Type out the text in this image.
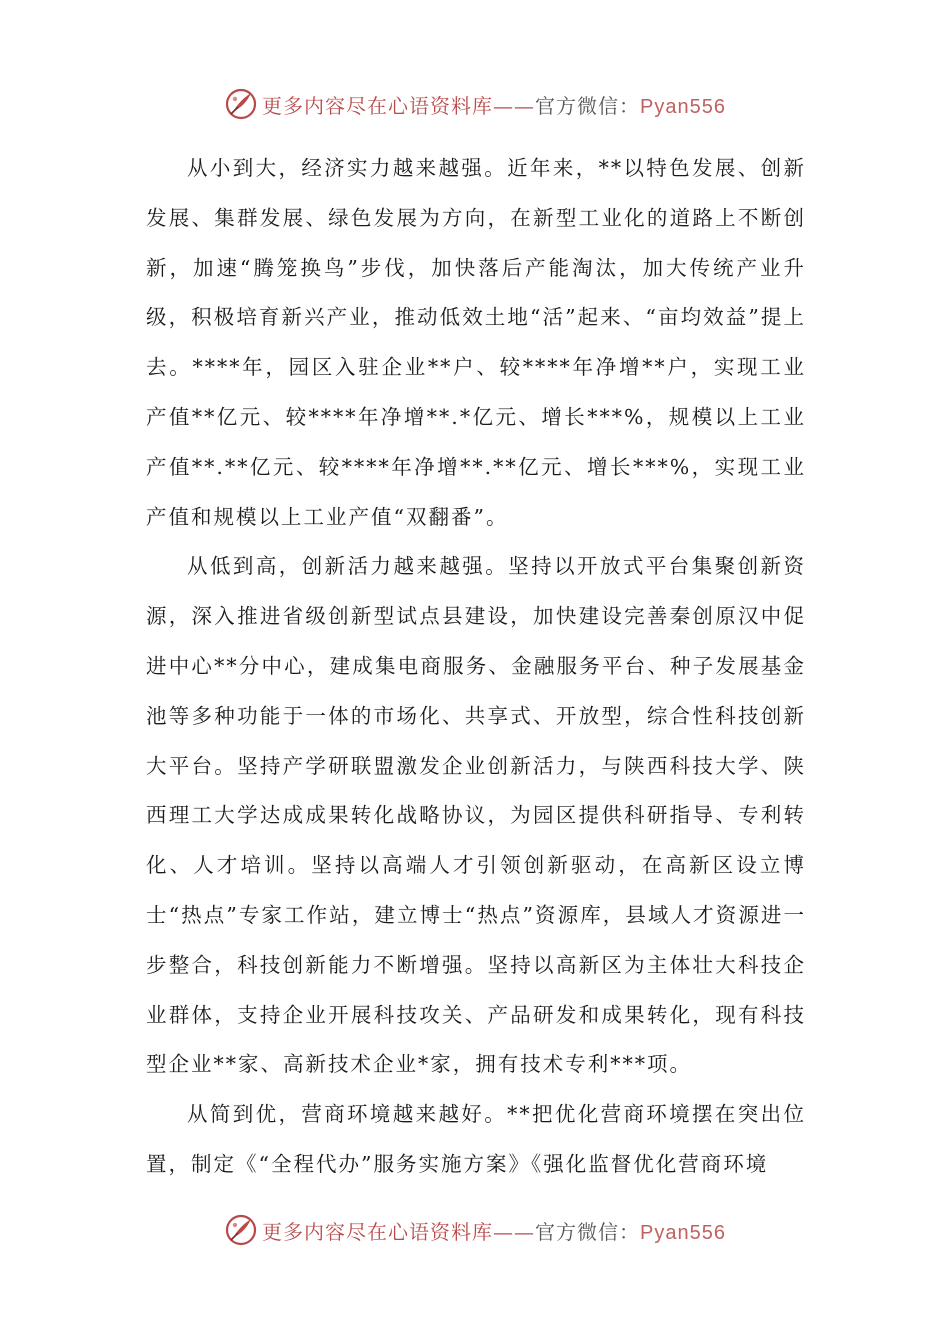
更多内容尽在心语资料库——官方微信：Pyan556

从小到大，经济实力越来越强。近年来，**以特色发展、创新发展、集群发展、绿色发展为方向，在新型工业化的道路上不断创新，加速“腾笼换鸟”步伐，加快落后产能淘汰，加大传统产业升级，积极培育新兴产业，推动低效土地“活”起来、“亩均效益”提上去。****年，园区入驻企业**户、较****年净增**户，实现工业产值**亿元、较****年净增**.*亿元、增长***%，规模以上工业产值**.**亿元、较****年净增**.**亿元、增长***%，实现工业产值和规模以上工业产值“双翻番”。

从低到高，创新活力越来越强。坚持以开放式平台集聚创新资源，深入推进省级创新型试点县建设，加快建设完善秦创原汉中促进中心**分中心，建成集电商服务、金融服务平台、种子发展基金池等多种功能于一体的市场化、共享式、开放型，综合性科技创新大平台。坚持产学研联盟激发企业创新活力，与陕西科技大学、陕西理工大学达成成果转化战略协议，为园区提供科研指导、专利转化、人才培训。坚持以高端人才引领创新驱动，在高新区设立博士“热点”专家工作站，建立博士“热点”资源库，县域人才资源进一步整合，科技创新能力不断增强。坚持以高新区为主体壮大科技企业群体，支持企业开展科技攻关、产品研发和成果转化，现有科技型企业**家、高新技术企业*家，拥有技术专利***项。

从简到优，营商环境越来越好。**把优化营商环境摆在突出位置，制定《“全程代办”服务实施方案》《强化监督优化营商环境

更多内容尽在心语资料库——官方微信：Pyan556
